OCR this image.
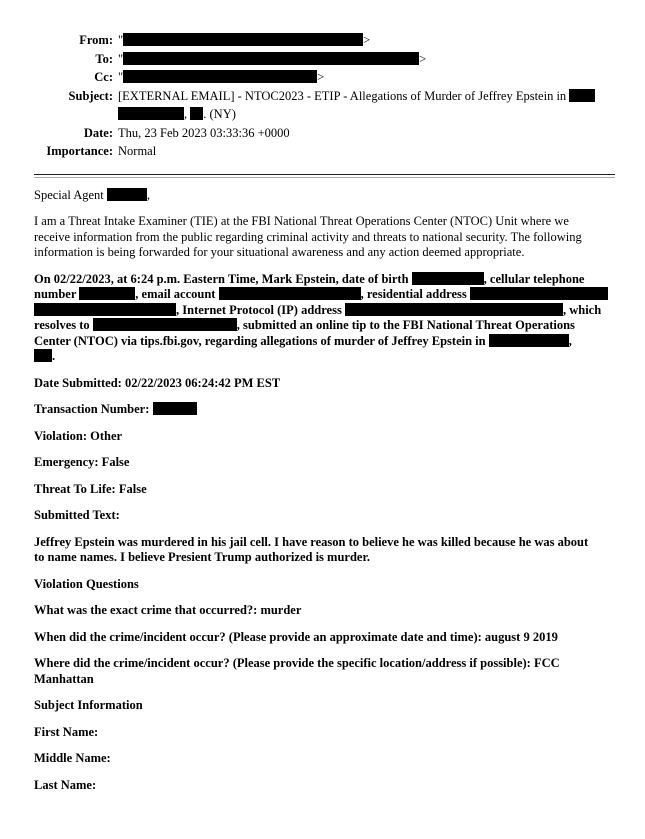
From: "	>
To: "	>
Cc: "	>
Subject: [EXTERNAL EMAIL] - NTOC2023 - ETIP - Allegations of Murder of Jeffrey Epstein in
, . (NY)
Date: Thu, 23 Feb 2023 03:33:36 +0000
Importance: Normal

Special Agent	,

I am a Threat Intake Examiner (TIE) at the FBI National Threat Operations Center (NTOC) Unit where we
receive information from the public regarding criminal activity and threats to national security. The following
information is being forwarded for your situational awareness and any action deemed appropriate.

On 02/22/2023, at 6:24 p.m. Eastern Time, Mark Epstein, date of birth	, cellular telephone
number	, email account	, residential address
, Internet Protocol (IP) address	, which
resolves to	, submitted an online tip to the FBI National Threat Operations
Center (NTOC) via tips.fbi.gov, regarding allegations of murder of Jeffrey Epstein in	,
.

Date Submitted: 02/22/2023 06:24:42 PM EST

Transaction Number:

Violation: Other

Emergency: False

Threat To Life: False

Submitted Text:

Jeffrey Epstein was murdered in his jail cell. I have reason to believe he was killed because he was about
to name names. I believe Presient Trump authorized is murder.

Violation Questions

What was the exact crime that occurred?: murder

When did the crime/incident occur? (Please provide an approximate date and time): august 9 2019

Where did the crime/incident occur? (Please provide the specific location/address if possible): FCC
Manhattan

Subject Information

First Name:

Middle Name:

Last Name:
